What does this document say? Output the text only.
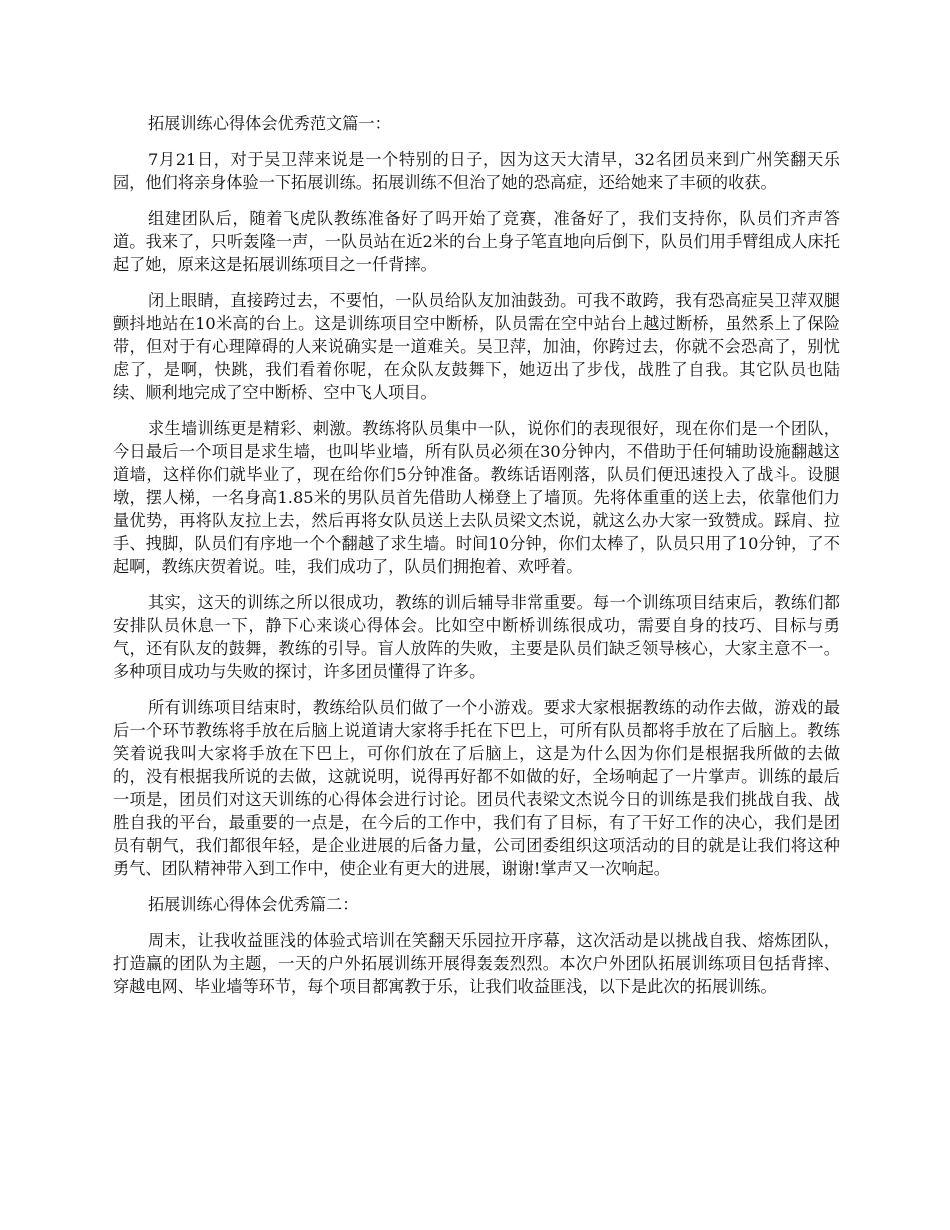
拓展训练心得体会优秀范文篇一：

7月21日，对于吴卫萍来说是一个特别的日子，因为这天大清早，32名团员来到广州笑翻天乐园，他们将亲身体验一下拓展训练。拓展训练不但治了她的恐高症，还给她来了丰硕的收获。

组建团队后，随着飞虎队教练准备好了吗开始了竞赛，准备好了，我们支持你，队员们齐声答道。我来了，只听轰隆一声，一队员站在近2米的台上身子笔直地向后倒下，队员们用手臂组成人床托起了她，原来这是拓展训练项目之一仟背摔。

闭上眼睛，直接跨过去，不要怕，一队员给队友加油鼓劲。可我不敢跨，我有恐高症吴卫萍双腿颤抖地站在10米高的台上。这是训练项目空中断桥，队员需在空中站台上越过断桥，虽然系上了保险带，但对于有心理障碍的人来说确实是一道难关。吴卫萍，加油，你跨过去，你就不会恐高了，别忧虑了，是啊，快跳，我们看着你呢，在众队友鼓舞下，她迈出了步伐，战胜了自我。其它队员也陆续、顺利地完成了空中断桥、空中飞人项目。

求生墙训练更是精彩、刺激。教练将队员集中一队，说你们的表现很好，现在你们是一个团队，今日最后一个项目是求生墙，也叫毕业墙，所有队员必须在30分钟内，不借助于任何辅助设施翻越这道墙，这样你们就毕业了，现在给你们5分钟准备。教练话语刚落，队员们便迅速投入了战斗。设腿墩，摆人梯，一名身高1.85米的男队员首先借助人梯登上了墙顶。先将体重重的送上去，依靠他们力量优势，再将队友拉上去，然后再将女队员送上去队员梁文杰说，就这么办大家一致赞成。踩肩、拉手、拽脚，队员们有序地一个个翻越了求生墙。时间10分钟，你们太棒了，队员只用了10分钟，了不起啊，教练庆贺着说。哇，我们成功了，队员们拥抱着、欢呼着。

其实，这天的训练之所以很成功，教练的训后辅导非常重要。每一个训练项目结束后，教练们都安排队员休息一下，静下心来谈心得体会。比如空中断桥训练很成功，需要自身的技巧、目标与勇气，还有队友的鼓舞，教练的引导。盲人放阵的失败，主要是队员们缺乏领导核心，大家主意不一。多种项目成功与失败的探讨，许多团员懂得了许多。

所有训练项目结束时，教练给队员们做了一个小游戏。要求大家根据教练的动作去做，游戏的最后一个环节教练将手放在后脑上说道请大家将手托在下巴上，可所有队员都将手放在了后脑上。教练笑着说我叫大家将手放在下巴上，可你们放在了后脑上，这是为什么因为你们是根据我所做的去做的，没有根据我所说的去做，这就说明，说得再好都不如做的好，全场响起了一片掌声。训练的最后一项是，团员们对这天训练的心得体会进行讨论。团员代表梁文杰说今日的训练是我们挑战自我、战胜自我的平台，最重要的一点是，在今后的工作中，我们有了目标，有了干好工作的决心，我们是团员有朝气，我们都很年轻，是企业进展的后备力量，公司团委组织这项活动的目的就是让我们将这种勇气、团队精神带入到工作中，使企业有更大的进展，谢谢!掌声又一次响起。

拓展训练心得体会优秀篇二：

周末，让我收益匪浅的体验式培训在笑翻天乐园拉开序幕，这次活动是以挑战自我、熔炼团队，打造赢的团队为主题，一天的户外拓展训练开展得轰轰烈烈。本次户外团队拓展训练项目包括背摔、穿越电网、毕业墙等环节，每个项目都寓教于乐，让我们收益匪浅，以下是此次的拓展训练。
